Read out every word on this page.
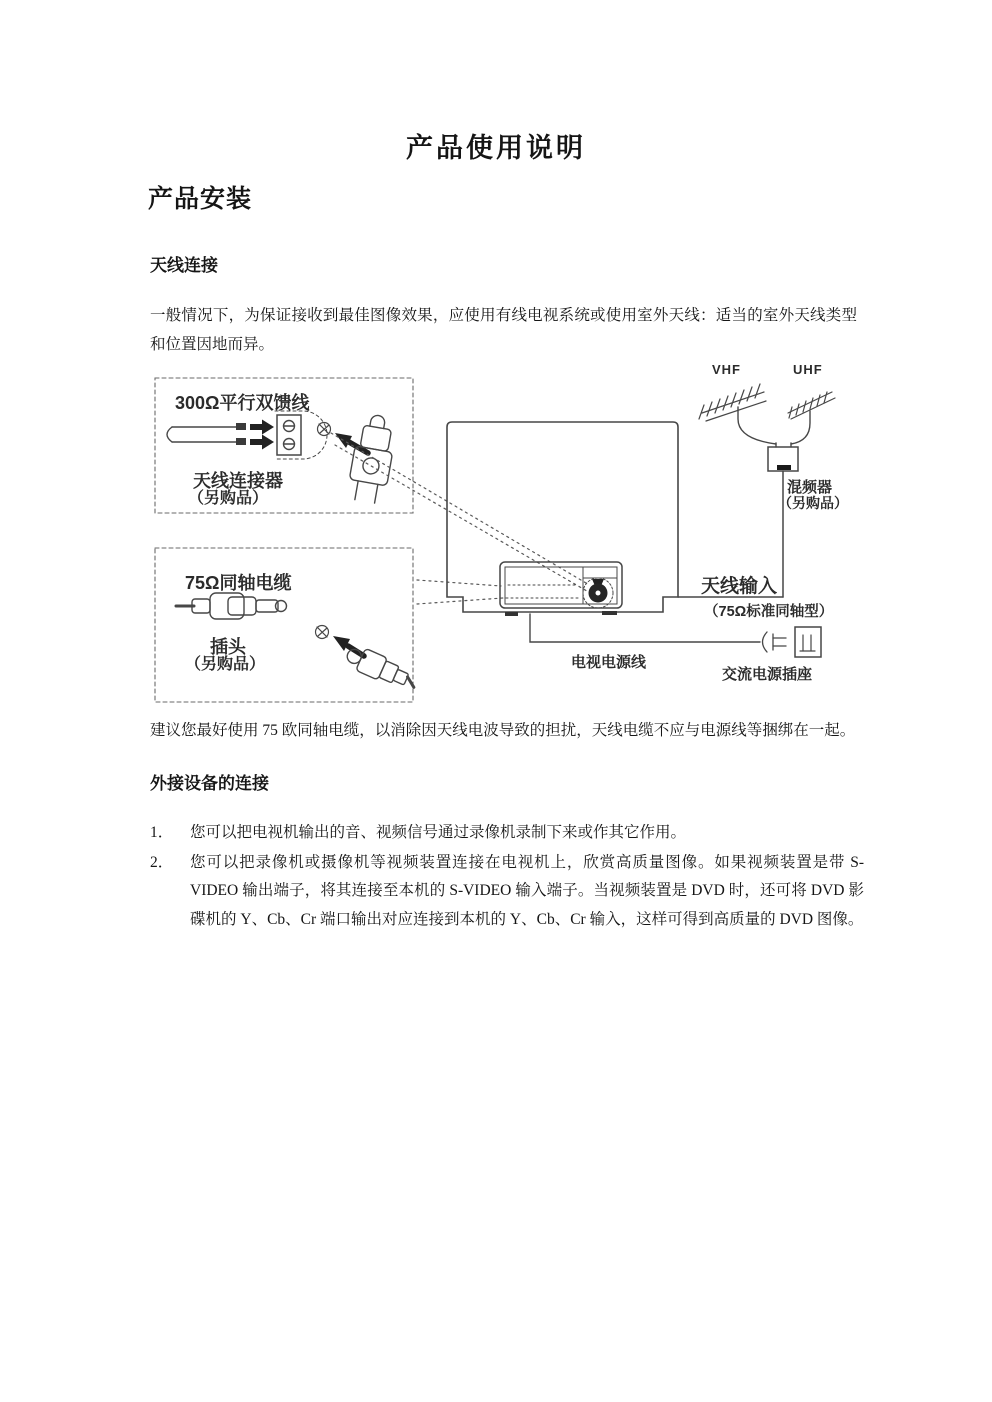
产品使用说明
产品安装
天线连接
一般情况下，为保证接收到最佳图像效果，应使用有线电视系统或使用室外天线：适当的室外天线类型和位置因地而异。
300Ω平行双馈线
天线连接器
（另购品）
75Ω同轴电缆
插头
（另购品）
VHF	UHF
混频器
（另购品）
天线输入
（75Ω标准同轴型）
电视电源线
交流电源插座
建议您最好使用 75 欧同轴电缆，以消除因天线电波导致的担扰，天线电缆不应与电源线等捆绑在一起。
外接设备的连接
1．	您可以把电视机输出的音、视频信号通过录像机录制下来或作其它作用。
2．	您可以把录像机或摄像机等视频装置连接在电视机上，欣赏高质量图像。如果视频装置是带 S-VIDEO 输出端子，将其连接至本机的 S-VIDEO 输入端子。当视频装置是 DVD 时，还可将 DVD 影碟机的 Y、Cb、Cr 端口输出对应连接到本机的 Y、Cb、Cr 输入，这样可得到高质量的 DVD 图像。
